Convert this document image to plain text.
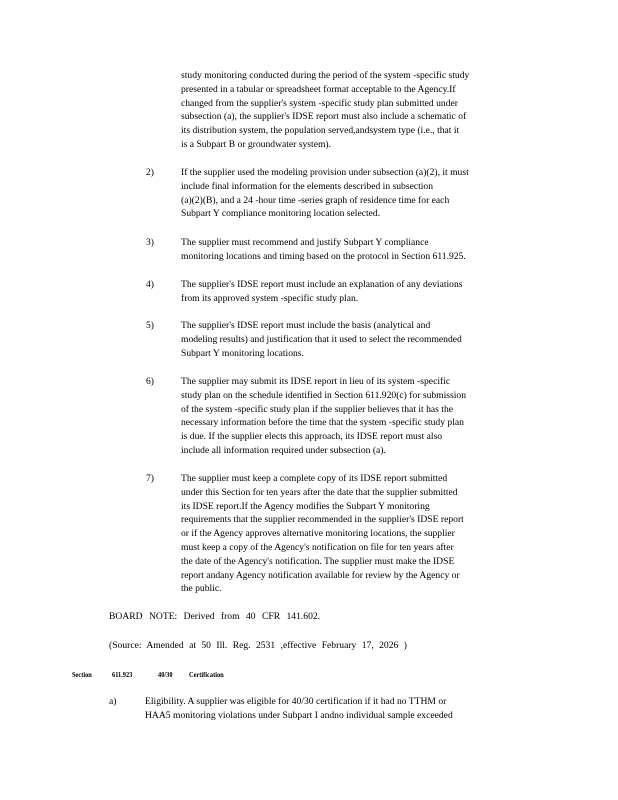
study monitoring conducted during the period of the system -specific study
presented in a tabular or spreadsheet format acceptable to the Agency.If
changed from the supplier's system -specific study plan submitted under
subsection (a), the supplier's IDSE report must also include a schematic of
its distribution system, the population served,andsystem type (i.e., that it
is a Subpart B or groundwater system).
2)	If the supplier used the modeling provision under subsection (a)(2), it must
include final information for the elements described in subsection
(a)(2)(B), and a 24 -hour time -series graph of residence time for each
Subpart Y compliance monitoring location selected.
3)	The supplier must recommend and justify Subpart Y compliance
monitoring locations and timing based on the protocol in Section 611.925.
4)	The supplier's IDSE report must include an explanation of any deviations
from its approved system -specific study plan.
5)	The supplier's IDSE report must include the basis (analytical and
modeling results) and justification that it used to select the recommended
Subpart Y monitoring locations.
6)	The supplier may submit its IDSE report in lieu of its system -specific
study plan on the schedule identified in Section 611.920(c) for submission
of the system -specific study plan if the supplier believes that it has the
necessary information before the time that the system -specific study plan
is due. If the supplier elects this approach, its IDSE report must also
include all information required under subsection (a).
7)	The supplier must keep a complete copy of its IDSE report submitted
under this Section for ten years after the date that the supplier submitted
its IDSE report.If the Agency modifies the Subpart Y monitoring
requirements that the supplier recommended in the supplier's IDSE report
or if the Agency approves alternative monitoring locations, the supplier
must keep a copy of the Agency's notification on file for ten years after
the date of the Agency's notification. The supplier must make the IDSE
report andany Agency notification available for review by the Agency or
the public.
BOARD NOTE: Derived from 40 CFR 141.602.
(Source: Amended at 50 Ill. Reg. 2531 ,effective February 17, 2026 )
Section	611.923	40/30 Certification
a)	Eligibility. A supplier was eligible for 40/30 certification if it had no TTHM or
HAA5 monitoring violations under Subpart I andno individual sample exceeded
